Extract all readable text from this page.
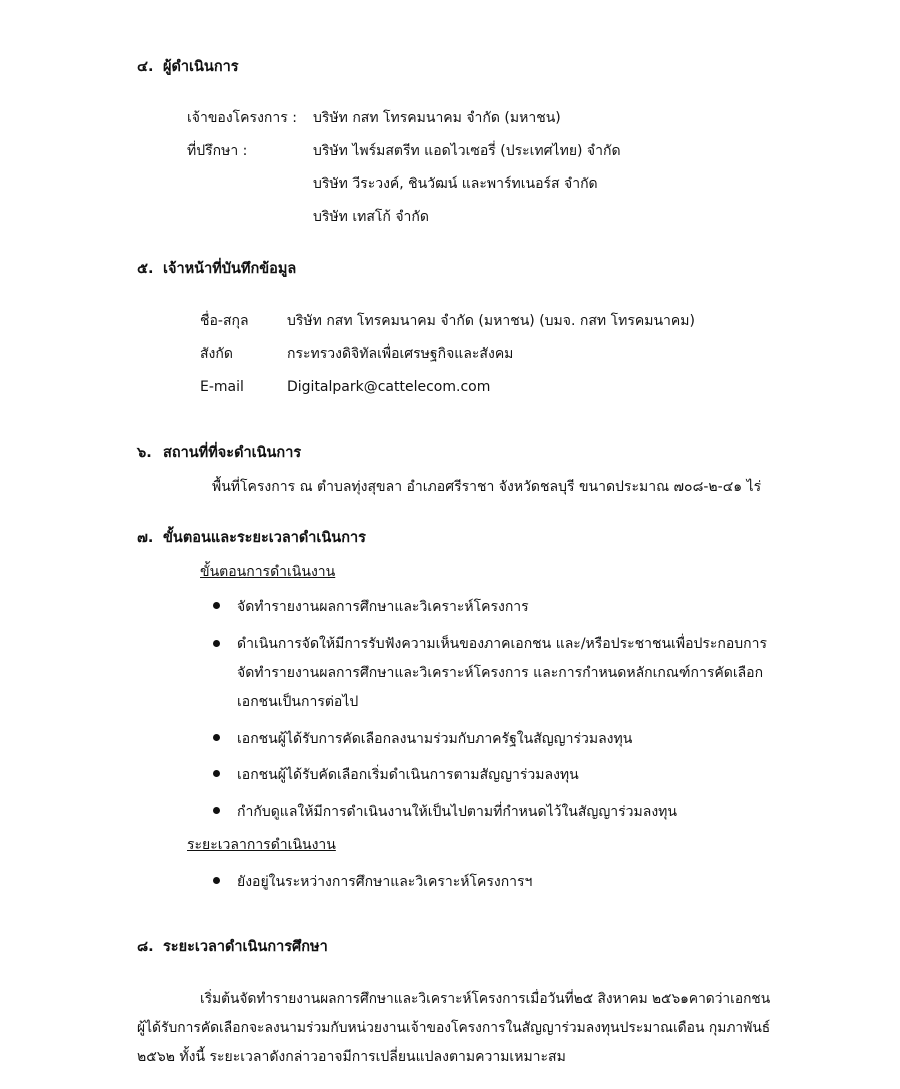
๔. ผู้ดำเนินการ
เจ้าของโครงการ : บริษัท กสท โทรคมนาคม จำกัด (มหาชน)
ที่ปรึกษา :	บริษัท ไพร์มสตรีท แอดไวเซอรี่ (ประเทศไทย) จำกัด
บริษัท วีระวงค์, ชินวัฒน์ และพาร์ทเนอร์ส จำกัด
บริษัท เทสโก้ จำกัด
๕. เจ้าหน้าที่บันทึกข้อมูล
ชื่อ-สกุล	บริษัท กสท โทรคมนาคม จำกัด (มหาชน) (บมจ. กสท โทรคมนาคม)
สังกัด	กระทรวงดิจิทัลเพื่อเศรษฐกิจและสังคม
E-mail	Digitalpark@cattelecom.com
๖. สถานที่ที่จะดำเนินการ
พื้นที่โครงการ ณ ตำบลทุ่งสุขลา อำเภอศรีราชา จังหวัดชลบุรี ขนาดประมาณ ๗๐๘-๒-๔๑ ไร่
๗. ขั้นตอนและระยะเวลาดำเนินการ
ขั้นตอนการดำเนินงาน
จัดทำรายงานผลการศึกษาและวิเคราะห์โครงการ
ดำเนินการจัดให้มีการรับฟังความเห็นของภาคเอกชน และ/หรือประชาชนเพื่อประกอบการ
จัดทำรายงานผลการศึกษาและวิเคราะห์โครงการ และการกำหนดหลักเกณฑ์การคัดเลือก
เอกชนเป็นการต่อไป
เอกชนผู้ได้รับการคัดเลือกลงนามร่วมกับภาครัฐในสัญญาร่วมลงทุน
เอกชนผู้ได้รับคัดเลือกเริ่มดำเนินการตามสัญญาร่วมลงทุน
กำกับดูแลให้มีการดำเนินงานให้เป็นไปตามที่กำหนดไว้ในสัญญาร่วมลงทุน
ระยะเวลาการดำเนินงาน
ยังอยู่ในระหว่างการศึกษาและวิเคราะห์โครงการฯ
๘. ระยะเวลาดำเนินการศึกษา
เริ่มต้นจัดทำรายงานผลการศึกษาและวิเคราะห์โครงการเมื่อวันที่๒๕ สิงหาคม ๒๕๖๑คาดว่าเอกชน
ผู้ได้รับการคัดเลือกจะลงนามร่วมกับหน่วยงานเจ้าของโครงการในสัญญาร่วมลงทุนประมาณเดือน กุมภาพันธ์
๒๕๖๒ ทั้งนี้ ระยะเวลาดังกล่าวอาจมีการเปลี่ยนแปลงตามความเหมาะสม
